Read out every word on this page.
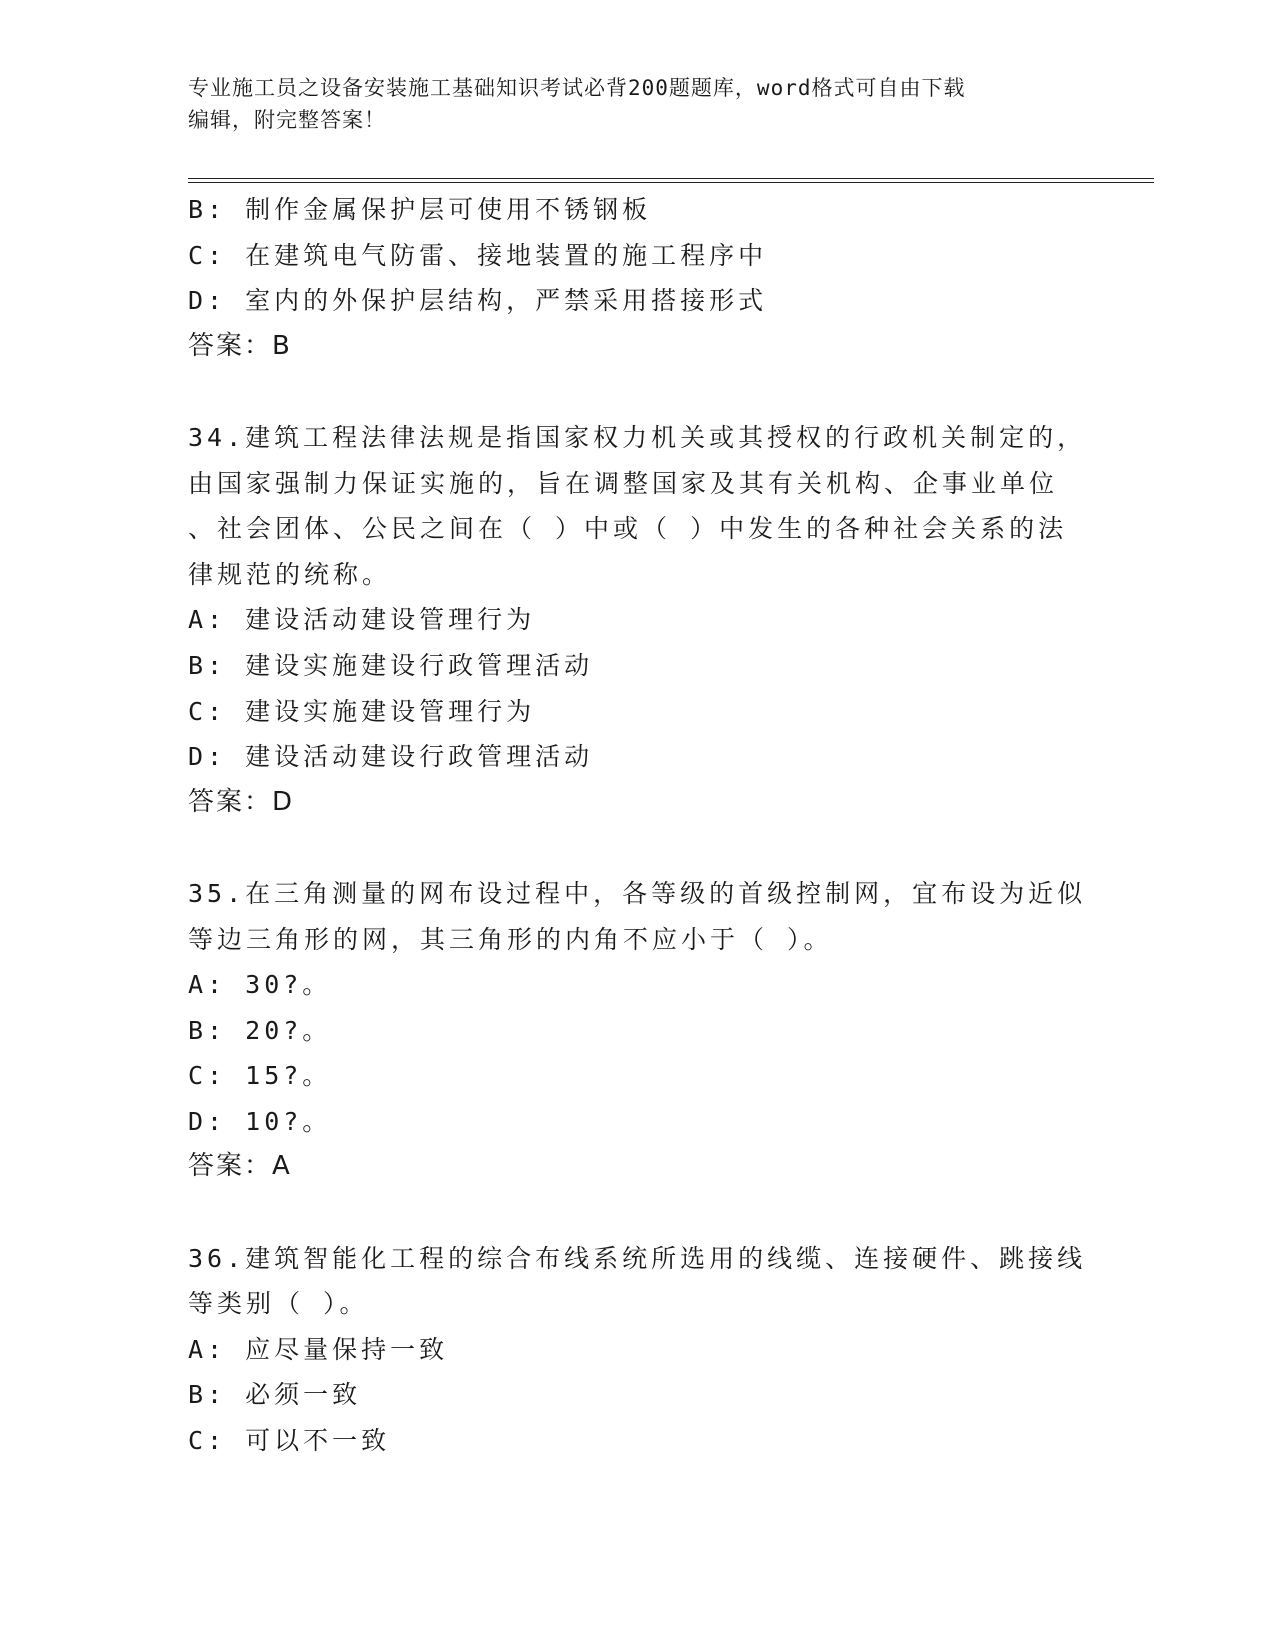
专业施工员之设备安装施工基础知识考试必背200题题库，word格式可自由下载
编辑，附完整答案！
B: 制作金属保护层可使用不锈钢板
C: 在建筑电气防雷、接地装置的施工程序中
D: 室内的外保护层结构，严禁采用搭接形式
答案：B
34.建筑工程法律法规是指国家权力机关或其授权的行政机关制定的，
由国家强制力保证实施的，旨在调整国家及其有关机构、企事业单位
、社会团体、公民之间在（ ）中或（ ）中发生的各种社会关系的法
律规范的统称。
A: 建设活动建设管理行为
B: 建设实施建设行政管理活动
C: 建设实施建设管理行为
D: 建设活动建设行政管理活动
答案：D
35.在三角测量的网布设过程中，各等级的首级控制网，宜布设为近似
等边三角形的网，其三角形的内角不应小于（ ）。
A: 30?。
B: 20?。
C: 15?。
D: 10?。
答案：A
36.建筑智能化工程的综合布线系统所选用的线缆、连接硬件、跳接线
等类别（ ）。
A: 应尽量保持一致
B: 必须一致
C: 可以不一致
